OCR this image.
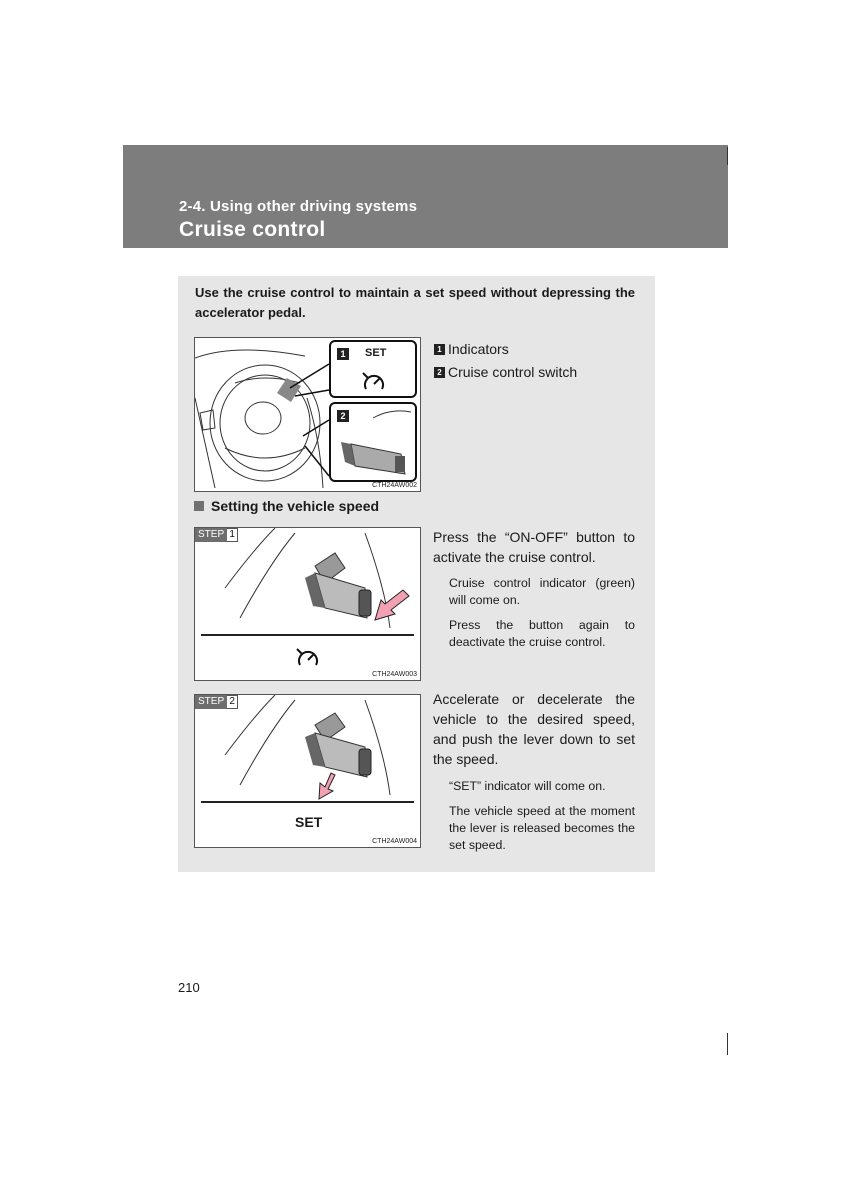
2-4. Using other driving systems
Cruise control
Use the cruise control to maintain a set speed without depressing the accelerator pedal.
1	SET
2
CTH24AW002
1 Indicators
2 Cruise control switch
Setting the vehicle speed
STEP 1
CTH24AW003
Press the “ON-OFF” button to activate the cruise control.
Cruise control indicator (green) will come on.
Press the button again to deactivate the cruise control.
STEP 2
SET
CTH24AW004
Accelerate or decelerate the vehicle to the desired speed, and push the lever down to set the speed.
“SET” indicator will come on.
The vehicle speed at the moment the lever is released becomes the set speed.
210
